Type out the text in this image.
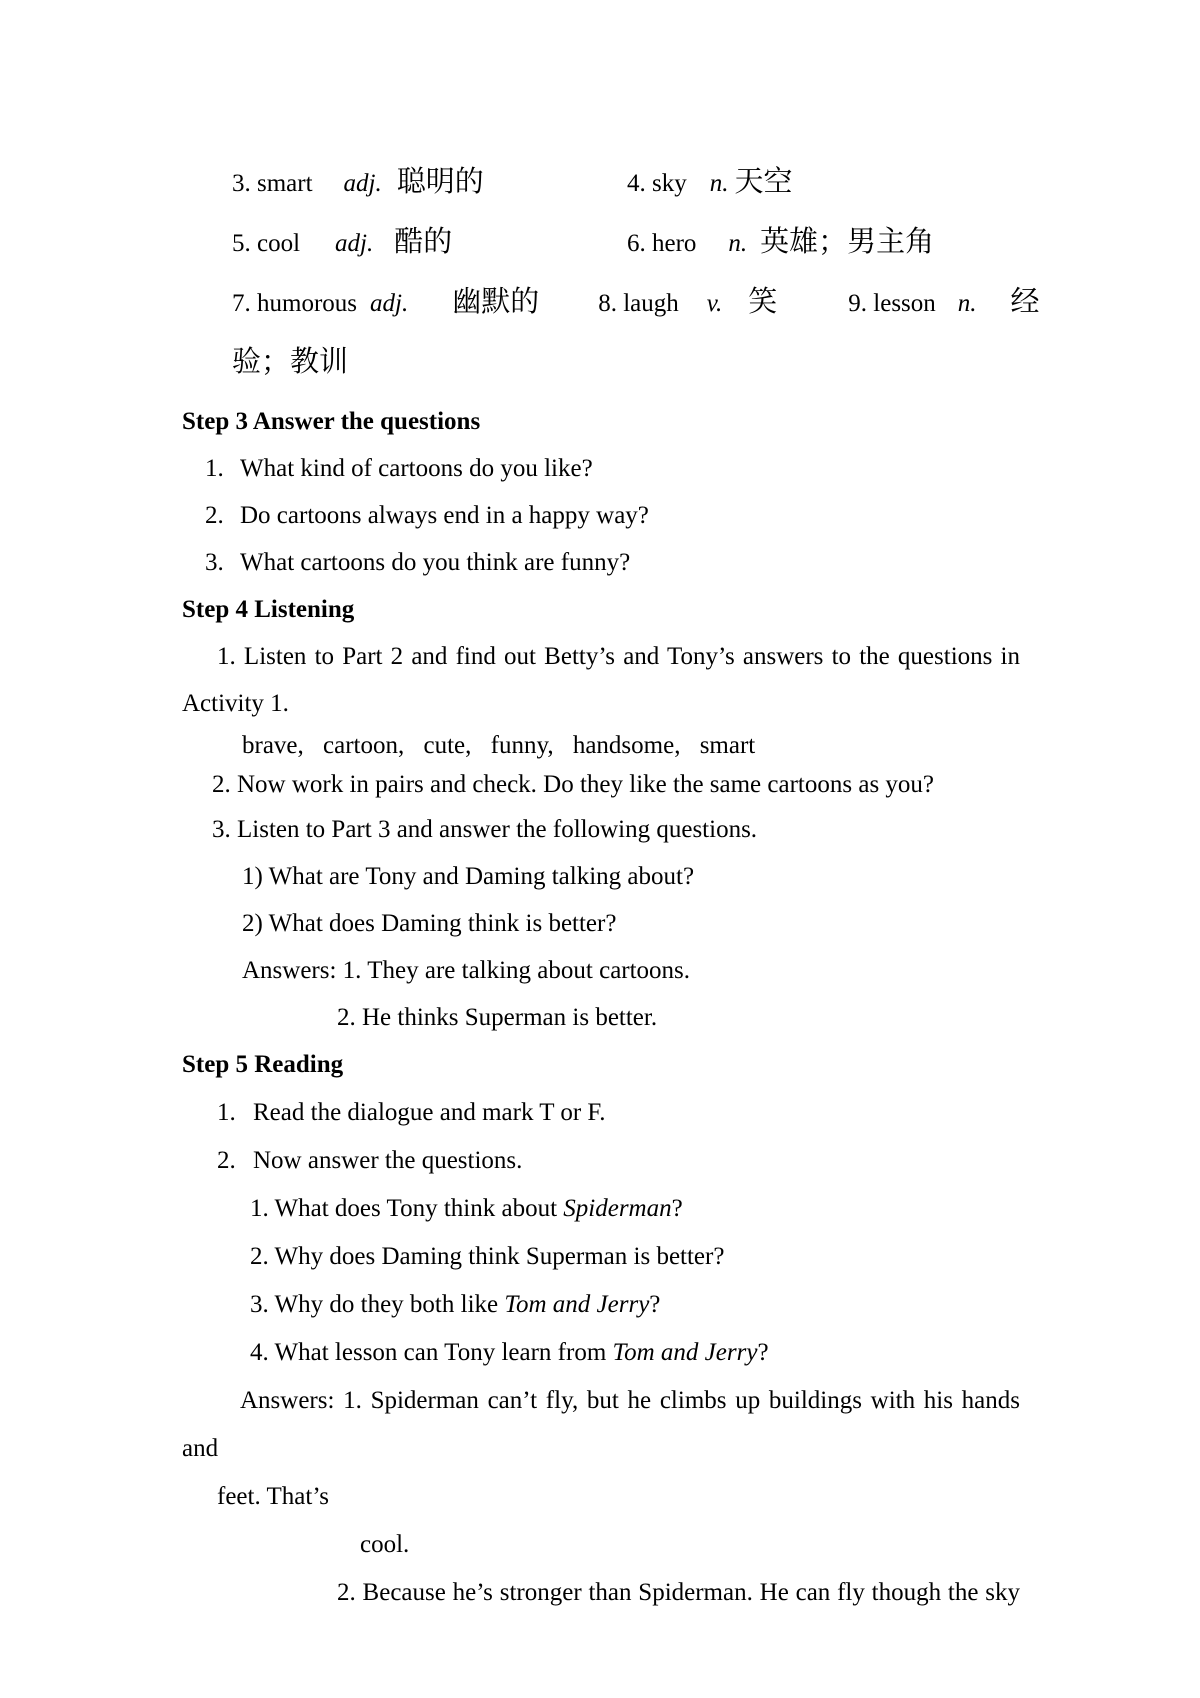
3. smart adj. 聪明的	4. sky n. 天空
5. cool adj. 酷的	6. hero n. 英雄；男主角
7. humorous adj. 幽默的 8. laugh v. 笑	9. lesson n. 经
验；教训
Step 3 Answer the questions
1. What kind of cartoons do you like?
2. Do cartoons always end in a happy way?
3. What cartoons do you think are funny?
Step 4 Listening
1. Listen to Part 2 and find out Betty’s and Tony’s answers to the questions in
Activity 1.
brave, cartoon, cute, funny, handsome, smart
2. Now work in pairs and check. Do they like the same cartoons as you?
3. Listen to Part 3 and answer the following questions.
1) What are Tony and Daming talking about?
2) What does Daming think is better?
Answers: 1. They are talking about cartoons.
2. He thinks Superman is better.
Step 5 Reading
1. Read the dialogue and mark T or F.
2. Now answer the questions.
1. What does Tony think about Spiderman?
2. Why does Daming think Superman is better?
3. Why do they both like Tom and Jerry?
4. What lesson can Tony learn from Tom and Jerry?
Answers: 1. Spiderman can’t fly, but he climbs up buildings with his hands and
feet. That’s
cool.
2. Because he’s stronger than Spiderman. He can fly though the sky
